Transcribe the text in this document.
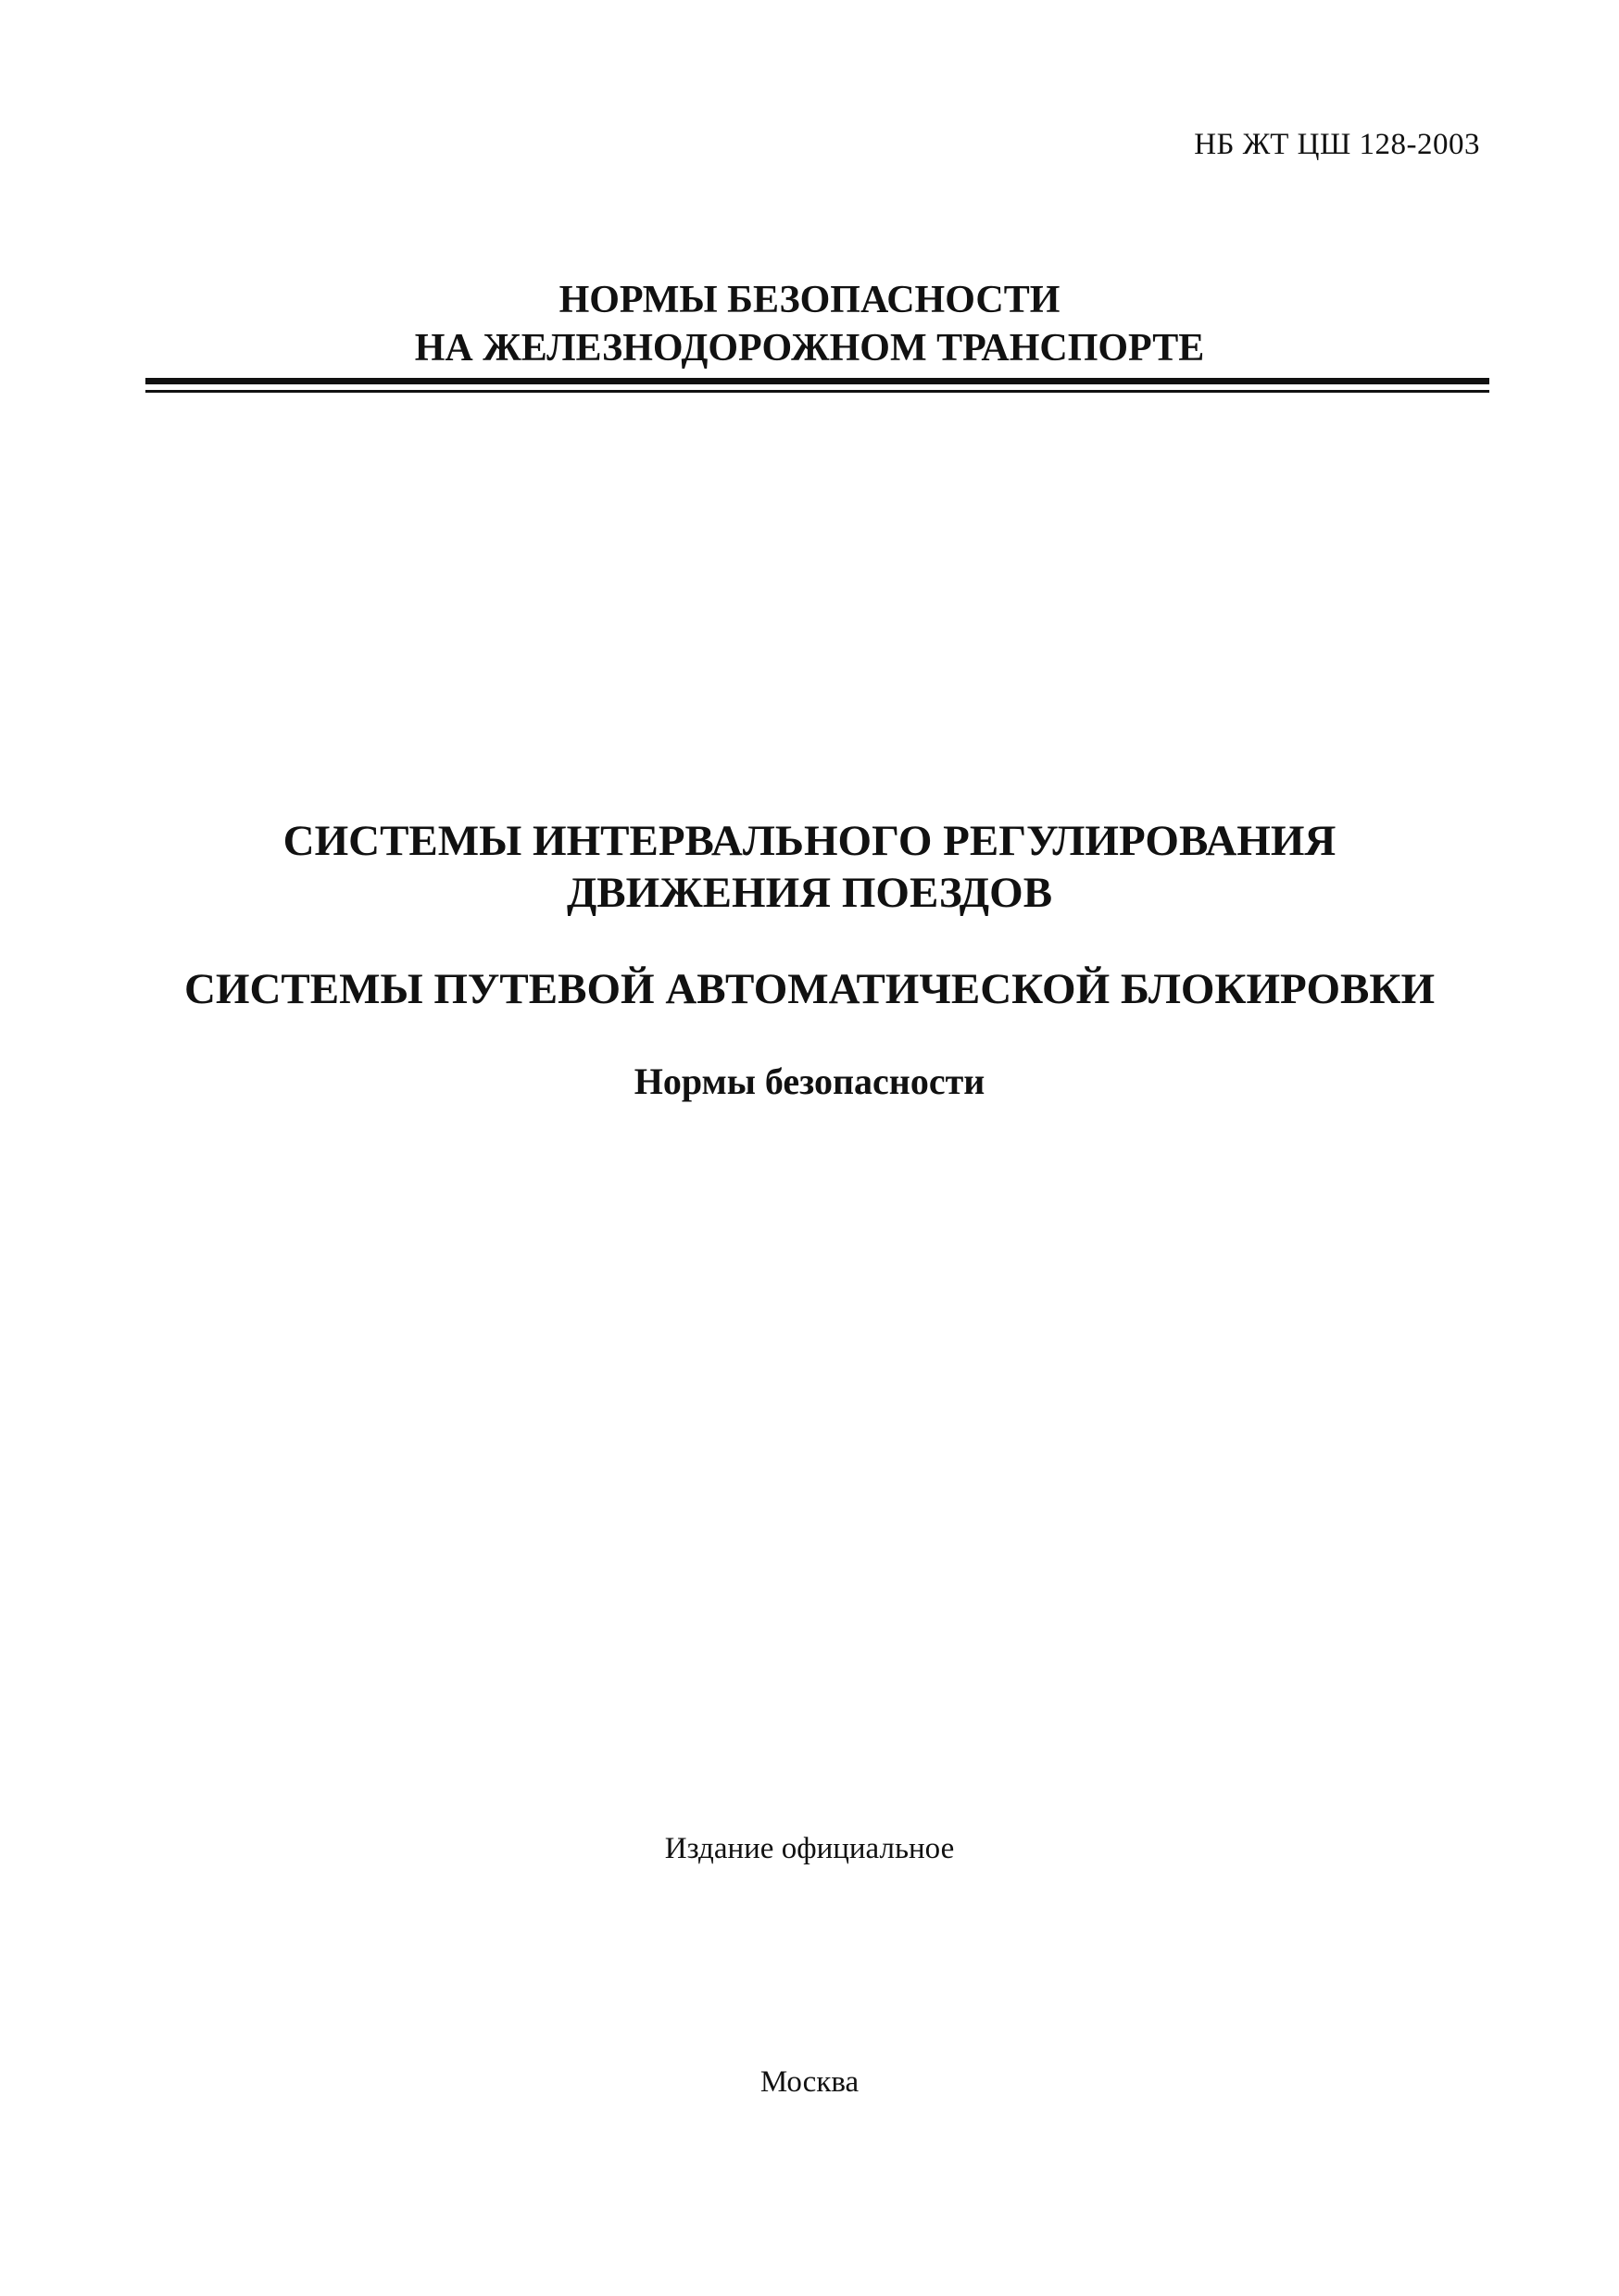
НБ ЖТ ЦШ 128-2003
НОРМЫ БЕЗОПАСНОСТИ
НА ЖЕЛЕЗНОДОРОЖНОМ ТРАНСПОРТЕ
СИСТЕМЫ ИНТЕРВАЛЬНОГО РЕГУЛИРОВАНИЯ
ДВИЖЕНИЯ ПОЕЗДОВ
СИСТЕМЫ ПУТЕВОЙ АВТОМАТИЧЕСКОЙ БЛОКИРОВКИ
Нормы безопасности
Издание официальное
Москва
